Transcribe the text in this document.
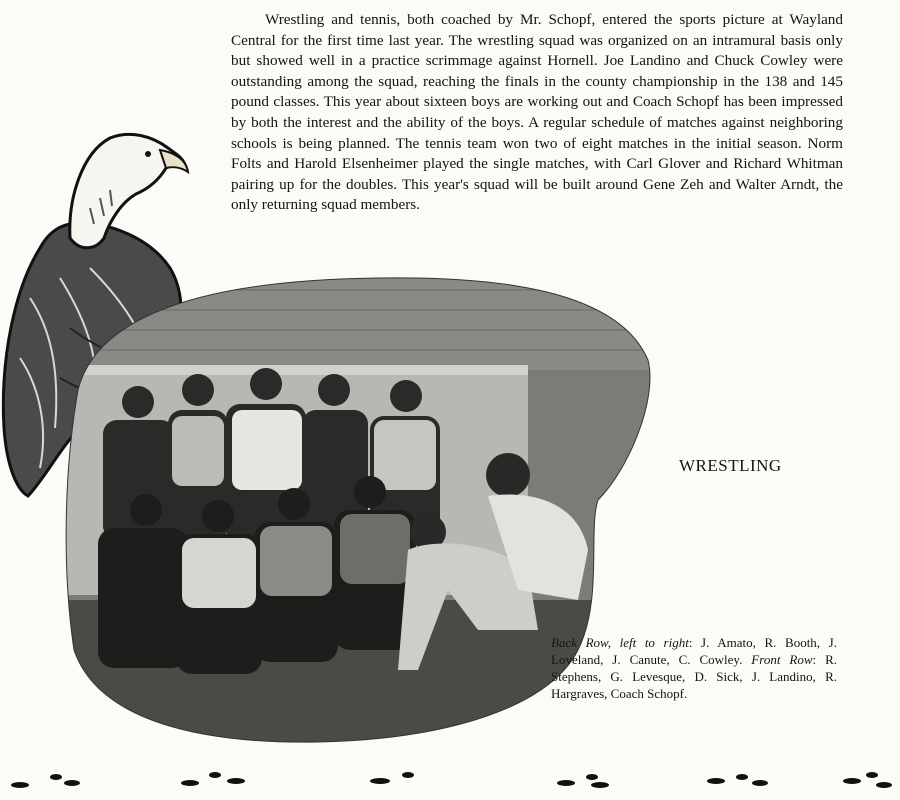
Wrestling and tennis, both coached by Mr. Schopf, entered the sports picture at Wayland Central for the first time last year. The wrestling squad was organized on an intramural basis only but showed well in a practice scrimmage against Hornell. Joe Landino and Chuck Cowley were outstanding among the squad, reaching the finals in the county championship in the 138 and 145 pound classes. This year about sixteen boys are working out and Coach Schopf has been impressed by both the interest and the ability of the boys. A regular schedule of matches against neighboring schools is being planned. The tennis team won two of eight matches in the initial season. Norm Folts and Harold Elsenheimer played the single matches, with Carl Glover and Richard Whitman pairing up for the doubles. This year's squad will be built around Gene Zeh and Walter Arndt, the only returning squad members.

WRESTLING

Back Row, left to right: J. Amato, R. Booth, J. Loveland, J. Canute, C. Cowley. Front Row: R. Stephens, G. Levesque, D. Sick, J. Landino, R. Hargraves, Coach Schopf.
